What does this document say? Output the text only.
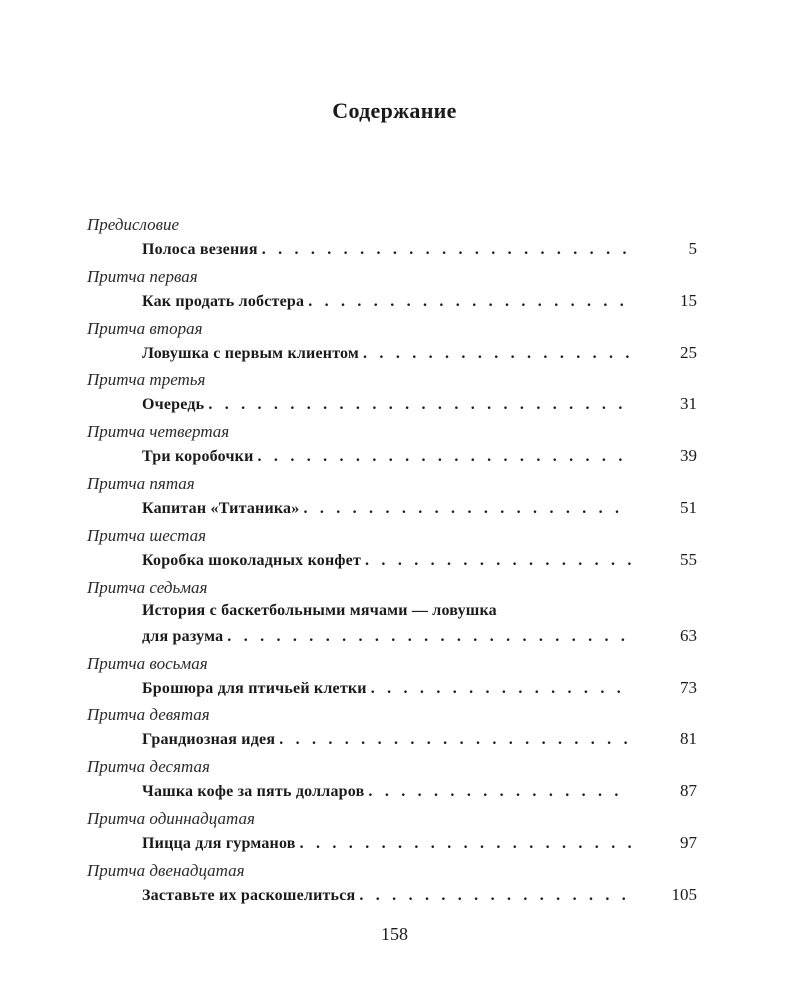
Содержание
Предисловие
Полоса везения . . .	5
Притча первая
Как продать лобстера . . .	15
Притча вторая
Ловушка с первым клиентом . . .	25
Притча третья
Очередь . . .	31
Притча четвертая
Три коробочки . . .	39
Притча пятая
Капитан «Титаника» . . .	51
Притча шестая
Коробка шоколадных конфет . . .	55
Притча седьмая
История с баскетбольными мячами — ловушка
для разума . . .	63
Притча восьмая
Брошюра для птичьей клетки . . .	73
Притча девятая
Грандиозная идея . . .	81
Притча десятая
Чашка кофе за пять долларов . . .	87
Притча одиннадцатая
Пицца для гурманов . . .	97
Притча двенадцатая
Заставьте их раскошелиться . . .	105
158
